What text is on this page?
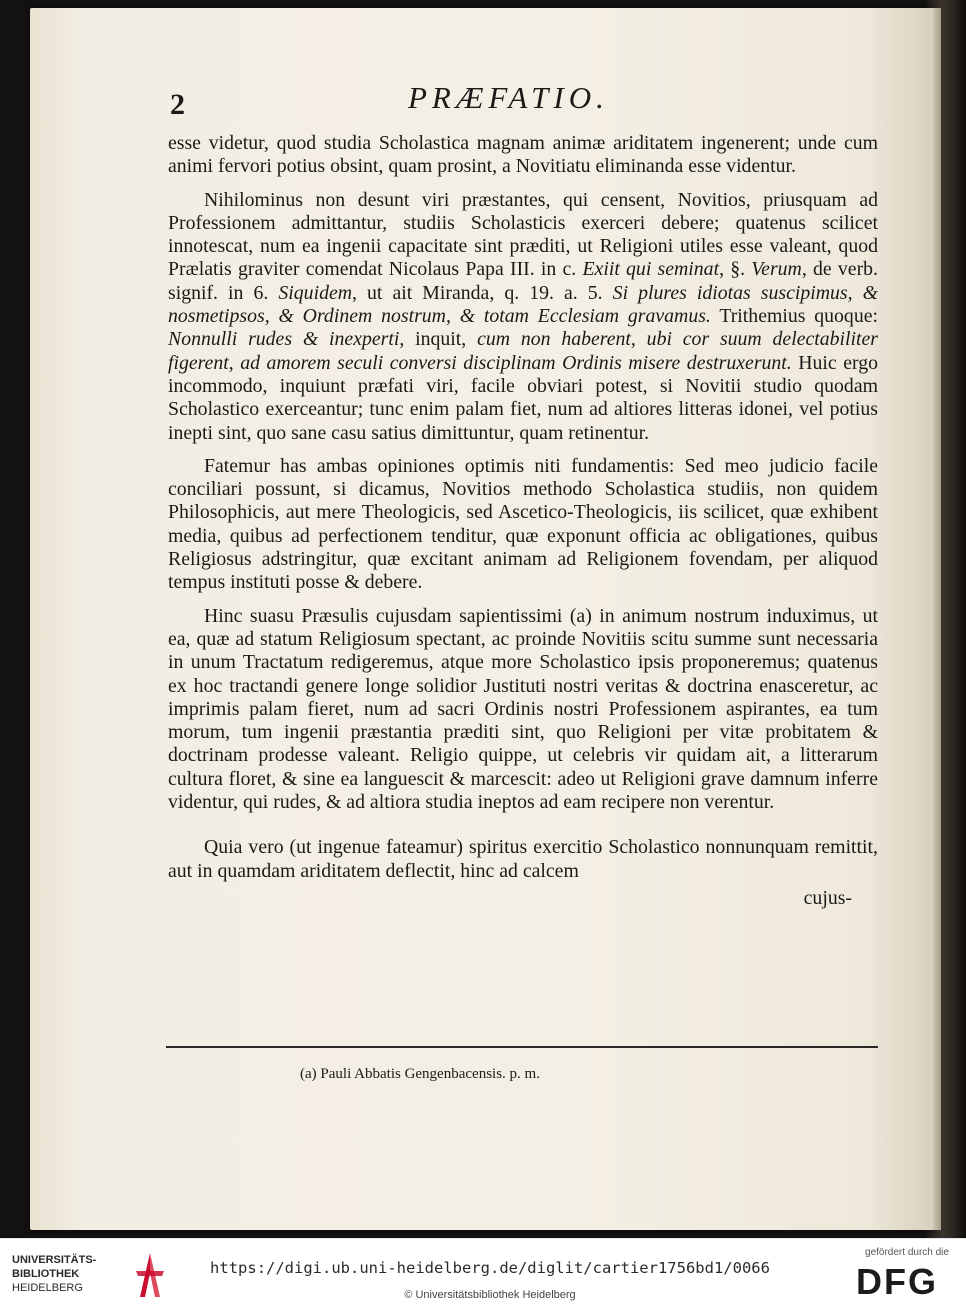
2	PRÆFATIO.

esse videtur, quod studia Scholastica magnam animæ ariditatem ingenerent; unde cum animi fervori potius obsint, quam prosint, a Novitiatu eliminanda esse videntur.

Nihilominus non desunt viri præstantes, qui censent, Novitios, priusquam ad Professionem admittantur, studiis Scholasticis exerceri debere; quatenus scilicet innotescat, num ea ingenii capacitate sint præditi, ut Religioni utiles esse valeant, quod Prælatis graviter comendat Nicolaus Papa III. in c. Exiit qui seminat, §. Verum, de verb. signif. in 6. Siquidem, ut ait Miranda, q. 19. a. 5. Si plures idiotas suscipimus, & nosmetipsos, & Ordinem nostrum, & totam Ecclesiam gravamus. Trithemius quoque: Nonnulli rudes & inexperti, inquit, cum non haberent, ubi cor suum delectabiliter figerent, ad amorem seculi conversi disciplinam Ordinis misere destruxerunt. Huic ergo incommodo, inquiunt præfati viri, facile obviari potest, si Novitii studio quodam Scholastico exerceantur; tunc enim palam fiet, num ad altiores litteras idonei, vel potius inepti sint, quo sane casu satius dimittuntur, quam retinentur.

Fatemur has ambas opiniones optimis niti fundamentis: Sed meo judicio facile conciliari possunt, si dicamus, Novitios methodo Scholastica studiis, non quidem Philosophicis, aut mere Theologicis, sed Ascetico-Theologicis, iis scilicet, quæ exhibent media, quibus ad perfectionem tenditur, quæ exponunt officia ac obligationes, quibus Religiosus adstringitur, quæ excitant animam ad Religionem fovendam, per aliquod tempus instituti posse & debere.

Hinc suasu Præsulis cujusdam sapientissimi (a) in animum nostrum induximus, ut ea, quæ ad statum Religiosum spectant, ac proinde Novitiis scitu summe sunt necessaria in unum Tractatum redigeremus, atque more Scholastico ipsis proponeremus; quatenus ex hoc tractandi genere longe solidior Justituti nostri veritas & doctrina enasceretur, ac imprimis palam fieret, num ad sacri Ordinis nostri Professionem aspirantes, ea tum morum, tum ingenii præstantia præditi sint, quo Religioni per vitæ probitatem & doctrinam prodesse valeant. Religio quippe, ut celebris vir quidam ait, a litterarum cultura floret, & sine ea languescit & marcescit: adeo ut Religioni grave damnum inferre videntur, qui rudes, & ad altiora studia ineptos ad eam recipere non verentur.

Quia vero (ut ingenue fateamur) spiritus exercitio Scholastico nonnunquam remittit, aut in quamdam ariditatem deflectit, hinc ad calcem

cujus-

(a) Pauli Abbatis Gengenbacensis. p. m.
UNIVERSITÄTS-
BIBLIOTHEK
HEIDELBERG
https://digi.ub.uni-heidelberg.de/diglit/cartier1756bd1/0066
© Universitätsbibliothek Heidelberg
gefördert durch die
DFG
